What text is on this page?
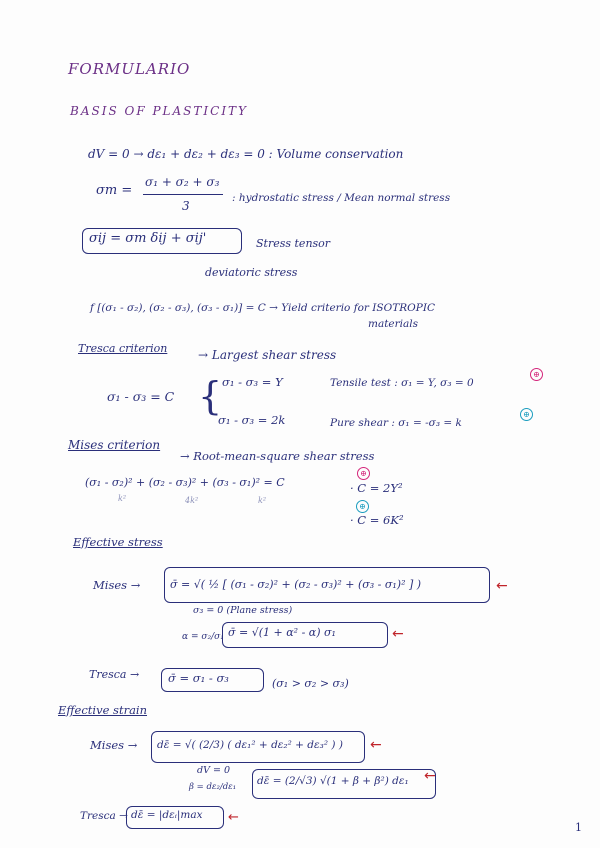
FORMULARIO
BASIS OF PLASTICITY
dV = 0 → dε₁ + dε₂ + dε₃ = 0 : Volume conservation
σm =
σ₁ + σ₂ + σ₃
3
: hydrostatic stress / Mean normal stress
σij = σm δij + σij'	Stress tensor
deviatoric stress
f [(σ₁ - σ₂), (σ₂ - σ₃), (σ₃ - σ₁)] = C → Yield criterio for ISOTROPIC
materials
Tresca criterion	→ Largest shear stress
σ₁ - σ₃ = C { σ₁ - σ₃ = Y	Tensile test : σ₁ = Y, σ₃ = 0
⊕
σ₁ - σ₃ = 2k	Pure shear : σ₁ = -σ₃ = k
⊕
Mises criterion
→ Root-mean-square shear stress
(σ₁ - σ₂)² + (σ₂ - σ₃)² + (σ₃ - σ₁)² = C
k²	4k²	k²
⊕
· C = 2Y²
⊕
· C = 6K²
Effective stress
Mises →	σ̄ = √( ½ [ (σ₁ - σ₂)² + (σ₂ - σ₃)² + (σ₃ - σ₁)² ] )	←
σ₃ = 0 (Plane stress)
α = σ₂/σ₁ σ̄ = √(1 + α² - α) σ₁	←
Tresca →	σ̄ = σ₁ - σ₃	(σ₁ > σ₂ > σ₃)
Effective strain
Mises → dε̄ = √( (2/3) ( dε₁² + dε₂² + dε₃² ) ) ←
dV = 0
β = dε₂/dε₁ dε̄ = (2/√3) √(1 + β + β²) dε₁ ←
Tresca → dε̄ = |dεᵢ|max ←
1
